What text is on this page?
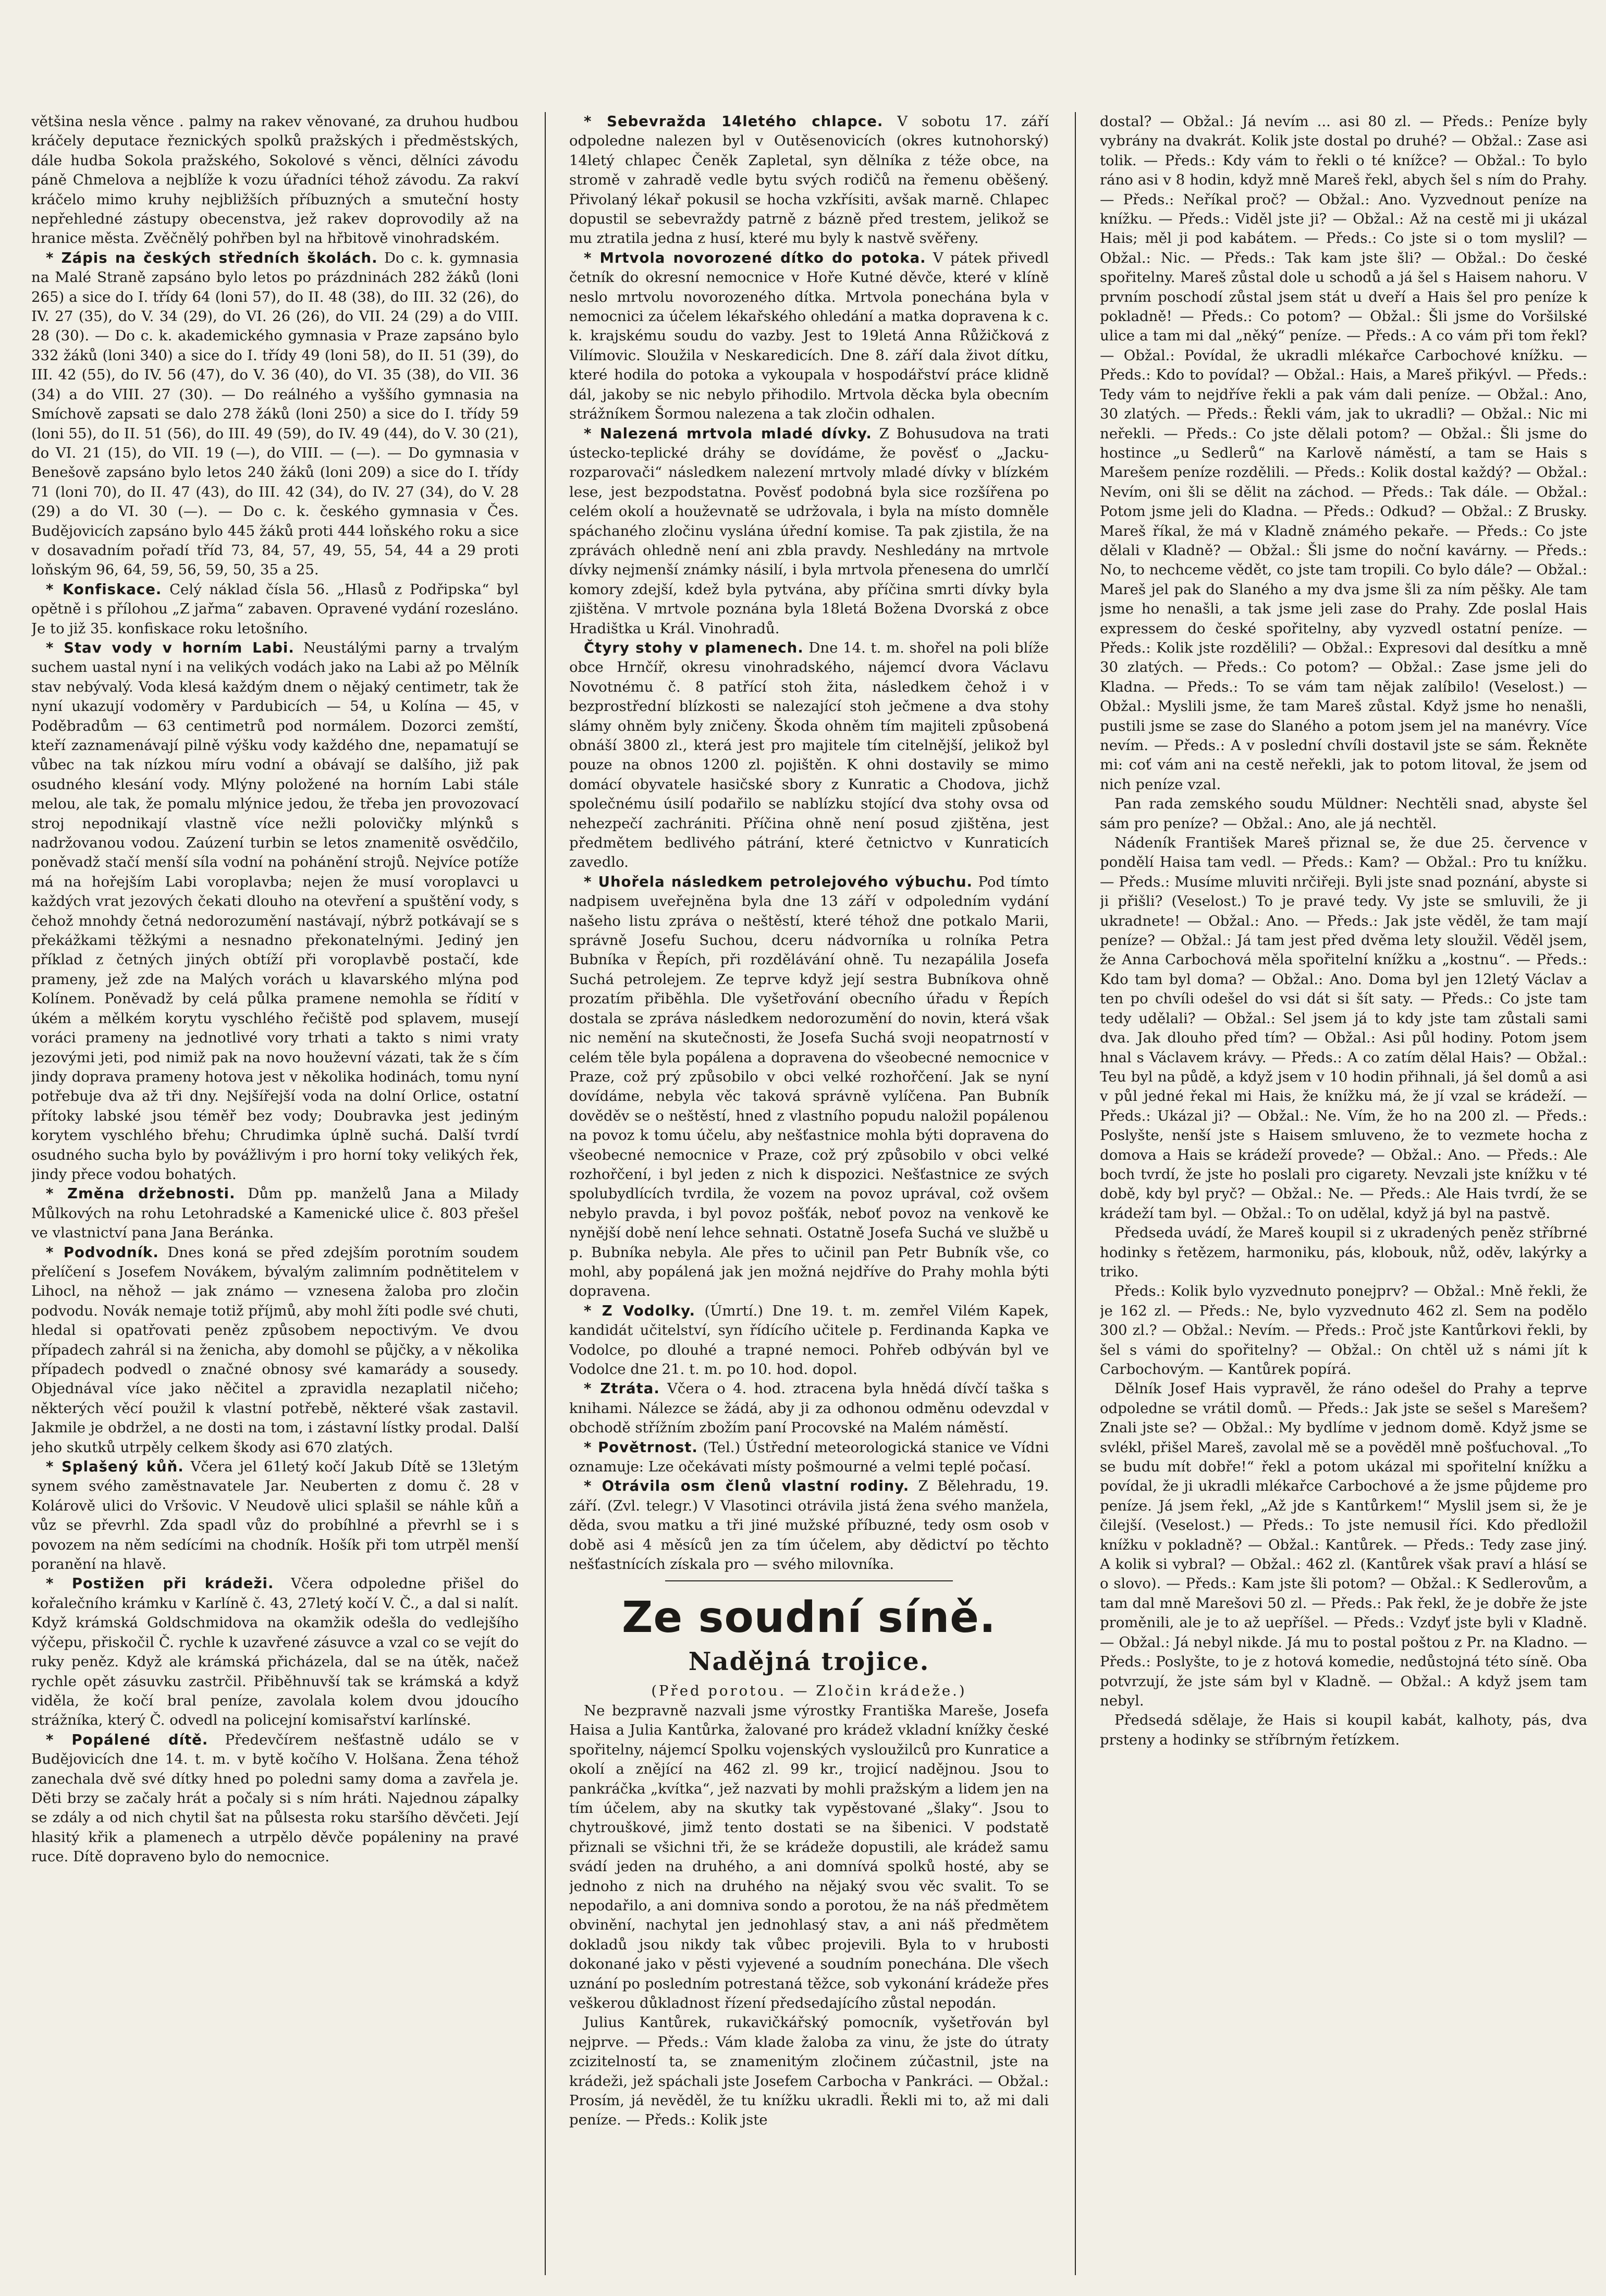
většina nesla věnce . palmy na rakev věnované, za druhou hudbou kráčely deputace řeznických spolků pražských i předměstských, dále hudba Sokola pražského, Sokolové s věnci, dělníci závodu páně Chmelova a nejblíže k vozu úřadníci téhož závodu. Za rakví kráčelo mimo kruhy nejbližších příbuzných a smuteční hosty nepřehledné zástupy obecenstva, jež rakev doprovodily až na hranice města. Zvěčnělý pohřben byl na hřbitově vinohradském.

* Zápis na českých středních školách. Do c. k. gymnasia na Malé Straně zapsáno bylo letos po prázdninách 282 žáků (loni 265) a sice do I. třídy 64 (loni 57), do II. 48 (38), do III. 32 (26), do IV. 27 (35), do V. 34 (29), do VI. 26 (26), do VII. 24 (29) a do VIII. 28 (30). — Do c. k. akademického gymnasia v Praze zapsáno bylo 332 žáků (loni 340) a sice do I. třídy 49 (loni 58), do II. 51 (39), do III. 42 (55), do IV. 56 (47), do V. 36 (40), do VI. 35 (38), do VII. 36 (34) a do VIII. 27 (30). — Do reálného a vyššího gymnasia na Smíchově zapsati se dalo 278 žáků (loni 250) a sice do I. třídy 59 (loni 55), do II. 51 (56), do III. 49 (59), do IV. 49 (44), do V. 30 (21), do VI. 21 (15), do VII. 19 (—), do VIII. — (—). — Do gymnasia v Benešově zapsáno bylo letos 240 žáků (loni 209) a sice do I. třídy 71 (loni 70), do II. 47 (43), do III. 42 (34), do IV. 27 (34), do V. 28 (29) a do VI. 30 (—). — Do c. k. českého gymnasia v Čes. Budějovicích zapsáno bylo 445 žáků proti 444 loňského roku a sice v dosavadním pořadí tříd 73, 84, 57, 49, 55, 54, 44 a 29 proti loňským 96, 64, 59, 56, 59, 50, 35 a 25.

* Konfiskace. Celý náklad čísla 56. „Hlasů z Podřipska“ byl opětně i s přílohou „Z jařma“ zabaven. Opravené vydání rozesláno. Je to již 35. konfiskace roku letošního.

* Stav vody v horním Labi. Neustálými parny a trvalým suchem uastal nyní i na velikých vodách jako na Labi až po Mělník stav nebývalý. Voda klesá každým dnem o nějaký centimetr, tak že nyní ukazují vodoměry v Pardubicích — 54, u Kolína — 45, v Poděbradům — 63 centimetrů pod normálem. Dozorci zemští, kteří zaznamenávají pilně výšku vody každého dne, nepamatují se vůbec na tak nízkou míru vodní a obávají se dalšího, již pak osudného klesání vody. Mlýny položené na horním Labi stále melou, ale tak, že pomalu mlýnice jedou, že třeba jen provozovací stroj nepodnikají vlastně více nežli polovičky mlýnků s nadržovanou vodou. Zaúzení turbin se letos znamenitě osvědčilo, poněvadž stačí menší síla vodní na pohánění strojů. Nejvíce potíže má na hořejším Labi voroplavba; nejen že musí voroplavci u každých vrat jezových čekati dlouho na otevření a spuštění vody, s čehož mnohdy četná nedorozumění nastávají, nýbrž potkávají se s překážkami těžkými a nesnadno překonatelnými. Jediný jen příklad z četných jiných obtíží při voroplavbě postačí, kde prameny, jež zde na Malých vorách u klavarského mlýna pod Kolínem. Poněvadž by celá půlka pramene nemohla se řídití v úkém a mělkém korytu vyschlého řečiště pod splavem, musejí voráci prameny na jednotlivé vory trhati a takto s nimi vraty jezovými jeti, pod nimiž pak na novo houževní vázati, tak že s čím jindy doprava prameny hotova jest v několika hodinách, tomu nyní potřebuje dva až tři dny. Nejšířejší voda na dolní Orlice, ostatní přítoky labské jsou téměř bez vody; Doubravka jest jediným korytem vyschlého břehu; Chrudimka úplně suchá. Další tvrdí osudného sucha bylo by povážlivým i pro horní toky velikých řek, jindy přece vodou bohatých.

* Změna držebnosti. Dům pp. manželů Jana a Milady Můlkových na rohu Letohradské a Kamenické ulice č. 803 přešel ve vlastnictví pana Jana Beránka.

* Podvodník. Dnes koná se před zdejším porotním soudem přelíčení s Josefem Novákem, bývalým zalimním podnětitelem v Lihocl, na něhož — jak známo — vznesena žaloba pro zločin podvodu. Novák nemaje totiž příjmů, aby mohl žíti podle své chuti, hledal si opatřovati peněz způsobem nepoctivým. Ve dvou případech zahrál si na ženicha, aby domohl se půjčky, a v několika případech podvedl o značné obnosy své kamarády a sousedy. Objednával více jako něčitel a zpravidla nezaplatil ničeho; některých věcí použil k vlastní potřebě, některé však zastavil. Jakmile je obdržel, a ne dosti na tom, i zástavní lístky prodal. Další jeho skutků utrpěly celkem škody asi 670 zlatých.

* Splašený kůň. Včera jel 61letý kočí Jakub Dítě se 13letým synem svého zaměstnavatele Jar. Neuberten z domu č. 28 v Kolárově ulici do Vršovic. V Neudově ulici splašil se náhle kůň a vůz se převrhl. Zda spadl vůz do probíhlné a převrhl se i s povozem na něm sedícími na chodník. Hošík při tom utrpěl menší poranění na hlavě.

* Postižen při krádeži. Včera odpoledne přišel do kořalečního krámku v Karlíně č. 43, 27letý kočí V. Č., a dal si nalít. Když krámská Goldschmidova na okamžik odešla do vedlejšího výčepu, přiskočil Č. rychle k uzavřené zásuvce a vzal co se vejít do ruky peněz. Když ale krámská přicházela, dal se na útěk, načež rychle opět zásuvku zastrčil. Přiběhnuvší tak se krámská a když viděla, že kočí bral peníze, zavolala kolem dvou jdoucího strážníka, který Č. odvedl na policejní komisařství karlínské.

* Popálené dítě. Předevčírem nešťastně událo se v Budějovicích dne 14. t. m. v bytě kočího V. Holšana. Žena téhož zanechala dvě své dítky hned po poledni samy doma a zavřela je. Děti brzy se začaly hrát a počaly si s ním hráti. Najednou zápalky se zdály a od nich chytil šat na půlsesta roku staršího děvčeti. Její hlasitý křik a plamenech a utrpělo děvče popáleniny na pravé ruce. Dítě dopraveno bylo do nemocnice.

* Sebevražda 14letého chlapce. V sobotu 17. září odpoledne nalezen byl v Outěsenovicích (okres kutnohorský) 14letý chlapec Čeněk Zapletal, syn dělníka z téže obce, na stromě v zahradě vedle bytu svých rodičů na řemenu oběšený. Přivolaný lékař pokusil se hocha vzkřísiti, avšak marně. Chlapec dopustil se sebevraždy patrně z bázně před trestem, jelikož se mu ztratila jedna z husí, které mu byly k nastvě svěřeny.

* Mrtvola novorozené dítko do potoka. V pátek přivedl četník do okresní nemocnice v Hoře Kutné děvče, které v klíně neslo mrtvolu novorozeného dítka. Mrtvola ponechána byla v nemocnici za účelem lékařského ohledání a matka dopravena k c. k. krajskému soudu do vazby. Jest to 19letá Anna Růžičková z Vilímovic. Sloužila v Neskaredicích. Dne 8. září dala život dítku, které hodila do potoka a vykoupala v hospodářství práce klidně dál, jakoby se nic nebylo přihodilo. Mrtvola děcka byla obecním strážníkem Šormou nalezena a tak zločin odhalen.

* Nalezená mrtvola mladé dívky. Z Bohusudova na trati ústecko-teplické dráhy se dovídáme, že pověsť o „Jacku-rozparovači“ následkem nalezení mrtvoly mladé dívky v blízkém lese, jest bezpodstatna. Pověsť podobná byla sice rozšířena po celém okolí a houževnatě se udržovala, i byla na místo domněle spáchaného zločinu vyslána úřední komise. Ta pak zjistila, že na zprávách ohledně není ani zbla pravdy. Neshledány na mrtvole dívky nejmenší známky násilí, i byla mrtvola přenesena do umrlčí komory zdejší, kdež byla pytvána, aby příčina smrti dívky byla zjištěna. V mrtvole poznána byla 18letá Božena Dvorská z obce Hradištka u Král. Vinohradů.

Čtyry stohy v plamenech. Dne 14. t. m. shořel na poli blíže obce Hrnčíř, okresu vinohradského, nájemcí dvora Václavu Novotnému č. 8 patřící stoh žita, následkem čehož i v bezprostřední blízkosti se nalezající stoh ječmene a dva stohy slámy ohněm byly zničeny. Škoda ohněm tím majiteli způsobená obnáší 3800 zl., která jest pro majitele tím citelnější, jelikož byl pouze na obnos 1200 zl. pojištěn. K ohni dostavily se mimo domácí obyvatele hasičské sbory z Kunratic a Chodova, jichž společnému úsilí podařilo se nablízku stojící dva stohy ovsa od nehezpečí zachrániti. Příčina ohně není posud zjištěna, jest předmětem bedlivého pátrání, které četnictvo v Kunraticích zavedlo.

* Uhořela následkem petrolejového výbuchu. Pod tímto nadpisem uveřejněna byla dne 13 září v odpoledním vydání našeho listu zpráva o neštěstí, které téhož dne potkalo Marii, správně Josefu Suchou, dceru nádvorníka u rolníka Petra Bubníka v Řepích, při rozdělávání ohně. Tu nezapálila Josefa Suchá petrolejem. Ze teprve když její sestra Bubníkova ohně prozatím přiběhla. Dle vyšetřování obecního úřadu v Řepích dostala se zpráva následkem nedorozumění do novin, která však nic nemění na skutečnosti, že Josefa Suchá svoji neopatrností v celém těle byla popálena a dopravena do všeobecné nemocnice v Praze, což prý způsobilo v obci velké rozhořčení. Jak se nyní dovídáme, nebyla věc taková správně vylíčena. Pan Bubník dověděv se o neštěstí, hned z vlastního popudu naložil popálenou na povoz k tomu účelu, aby nešťastnice mohla býti dopravena do všeobecné nemocnice v Praze, což prý způsobilo v obci velké rozhořčení, i byl jeden z nich k dispozici. Nešťastnice ze svých spolubydlících tvrdila, že vozem na povoz uprával, což ovšem nebylo pravda, i byl povoz pošťák, neboť povoz na venkově ke nynější době není lehce sehnati. Ostatně Josefa Suchá ve službě u p. Bubníka nebyla. Ale přes to učinil pan Petr Bubník vše, co mohl, aby popálená jak jen možná nejdříve do Prahy mohla býti dopravena.

* Z Vodolky. (Úmrtí.) Dne 19. t. m. zemřel Vilém Kapek, kandidát učitelství, syn řídícího učitele p. Ferdinanda Kapka ve Vodolce, po dlouhé a trapné nemoci. Pohřeb odbýván byl ve Vodolce dne 21. t. m. po 10. hod. dopol.

* Ztráta. Včera o 4. hod. ztracena byla hnědá dívčí taška s knihami. Nálezce se žádá, aby ji za odhonou odměnu odevzdal v obchodě střížním zbožím paní Procovské na Malém náměstí.

* Povětrnost. (Tel.) Ústřední meteorologická stanice ve Vídni oznamuje: Lze očekávati místy pošmourné a velmi teplé počasí.

* Otrávila osm členů vlastní rodiny. Z Bělehradu, 19. září. (Zvl. telegr.) V Vlasotinci otrávila jistá žena svého manžela, děda, svou matku a tři jiné mužské příbuzné, tedy osm osob v době asi 4 měsíců jen za tím účelem, aby dědictví po těchto nešťastnících získala pro — svého milovníka.

Ze soudní síně.
Nadějná trojice.

(Před porotou. — Zločin krádeže.)

Ne bezpravně nazvali jsme výrostky Františka Mareše, Josefa Haisa a Julia Kantůrka, žalované pro krádež vkladní knížky české spořitelny, nájemcí Spolku vojenských vysloužilců pro Kunratice a okolí a znějící na 462 zl. 99 kr., trojicí nadějnou. Jsou to pankráčka „kvítka“, jež nazvati by mohli pražským a lidem jen na tím účelem, aby na skutky tak vypěstované „šlaky“. Jsou to chytrouškové, jimž tento dostati se na šibenici. V podstatě přiznali se všichni tři, že se krádeže dopustili, ale krádež samu svádí jeden na druhého, a ani domnívá spolků hosté, aby se jednoho z nich na druhého na nějaký svou věc svalit. To se nepodařilo, a ani domniva sondo a porotou, že na náš předmětem obvinění, nachytal jen jednohlasý stav, a ani náš předmětem dokladů jsou nikdy tak vůbec projevili. Byla to v hrubosti dokonané jako v pěsti vyjevené a soudním ponechána. Dle všech uznání po posledním potrestaná těžce, sob vykonání krádeže přes veškerou důkladnost řízení předsedajícího zůstal nepodán.

Julius Kantůrek, rukavičkářský pomocník, vyšetřován byl nejprve. — Předs.: Vám klade žaloba za vinu, že jste do útraty zcizitelností ta, se znamenitým zločinem zúčastnil, jste na krádeži, jež spáchali jste Josefem Carbocha v Pankráci. — Obžal.: Prosím, já nevěděl, že tu knížku ukradli. Řekli mi to, až mi dali peníze. — Předs.: Kolik jste

dostal? — Obžal.: Já nevím ... asi 80 zl. — Předs.: Peníze byly vybrány na dvakrát. Kolik jste dostal po druhé? — Obžal.: Zase asi tolik. — Předs.: Kdy vám to řekli o té knížce? — Obžal.: To bylo ráno asi v 8 hodin, když mně Mareš řekl, abych šel s ním do Prahy. — Předs.: Neříkal proč? — Obžal.: Ano. Vyzvednout peníze na knížku. — Předs.: Viděl jste ji? — Obžal.: Až na cestě mi ji ukázal Hais; měl ji pod kabátem. — Předs.: Co jste si o tom myslil? — Obžal.: Nic. — Předs.: Tak kam jste šli? — Obžal.: Do české spořitelny. Mareš zůstal dole u schodů a já šel s Haisem nahoru. V prvním poschodí zůstal jsem stát u dveří a Hais šel pro peníze k pokladně! — Předs.: Co potom? — Obžal.: Šli jsme do Voršilské ulice a tam mi dal „něký“ peníze. — Předs.: A co vám při tom řekl? — Obžal.: Povídal, že ukradli mlékařce Carbochové knížku. — Předs.: Kdo to povídal? — Obžal.: Hais, a Mareš přikývl. — Předs.: Tedy vám to nejdříve řekli a pak vám dali peníze. — Obžal.: Ano, 30 zlatých. — Předs.: Řekli vám, jak to ukradli? — Obžal.: Nic mi neřekli. — Předs.: Co jste dělali potom? — Obžal.: Šli jsme do hostince „u Sedlerů“ na Karlově náměstí, a tam se Hais s Marešem peníze rozdělili. — Předs.: Kolik dostal každý? — Obžal.: Nevím, oni šli se dělit na záchod. — Předs.: Tak dále. — Obžal.: Potom jsme jeli do Kladna. — Předs.: Odkud? — Obžal.: Z Brusky. Mareš říkal, že má v Kladně známého pekaře. — Předs.: Co jste dělali v Kladně? — Obžal.: Šli jsme do noční kavárny. — Předs.: No, to nechceme vědět, co jste tam tropili. Co bylo dále? — Obžal.: Mareš jel pak do Slaného a my dva jsme šli za ním pěšky. Ale tam jsme ho nenašli, a tak jsme jeli zase do Prahy. Zde poslal Hais expressem do české spořitelny, aby vyzvedl ostatní peníze. — Předs.: Kolik jste rozdělili? — Obžal.: Expresovi dal desítku a mně 30 zlatých. — Předs.: Co potom? — Obžal.: Zase jsme jeli do Kladna. — Předs.: To se vám tam nějak zalíbilo! (Veselost.) — Obžal.: Myslili jsme, že tam Mareš zůstal. Když jsme ho nenašli, pustili jsme se zase do Slaného a potom jsem jel na manévry. Více nevím. — Předs.: A v poslední chvíli dostavil jste se sám. Řekněte mi: coť vám ani na cestě neřekli, jak to potom litoval, že jsem od nich peníze vzal.

Pan rada zemského soudu Müldner: Nechtěli snad, abyste šel sám pro peníze? — Obžal.: Ano, ale já nechtěl.

Nádeník František Mareš přiznal se, že due 25. července v pondělí Haisa tam vedl. — Předs.: Kam? — Obžal.: Pro tu knížku. — Předs.: Musíme mluviti nrčiřeji. Byli jste snad poznání, abyste si ji přišli? (Veselost.) To je pravé tedy. Vy jste se smluvili, že ji ukradnete! — Obžal.: Ano. — Předs.: Jak jste věděl, že tam mají peníze? — Obžal.: Já tam jest před dvěma lety sloužil. Věděl jsem, že Anna Carbochová měla spořitelní knížku a „kostnu“. — Předs.: Kdo tam byl doma? — Obžal.: Ano. Doma byl jen 12letý Václav a ten po chvíli odešel do vsi dát si šít saty. — Předs.: Co jste tam tedy udělali? — Obžal.: Sel jsem já to kdy jste tam zůstali sami dva. Jak dlouho před tím? — Obžal.: Asi půl hodiny. Potom jsem hnal s Václavem krávy. — Předs.: A co zatím dělal Hais? — Obžal.: Teu byl na půdě, a když jsem v 10 hodin přihnali, já šel domů a asi v půl jedné řekal mi Hais, že knížku má, že jí vzal se krádeží. — Předs.: Ukázal ji? — Obžal.: Ne. Vím, že ho na 200 zl. — Předs.: Poslyšte, nenší jste s Haisem smluveno, že to vezmete hocha z domova a Hais se krádeží provede? — Obžal.: Ano. — Předs.: Ale boch tvrdí, že jste ho poslali pro cigarety. Nevzali jste knížku v té době, kdy byl pryč? — Obžal.: Ne. — Předs.: Ale Hais tvrdí, že se krádeží tam byl. — Obžal.: To on udělal, když já byl na pastvě.

Předseda uvádí, že Mareš koupil si z ukradených peněz stříbrné hodinky s řetězem, harmoniku, pás, klobouk, nůž, oděv, lakýrky a triko.

Předs.: Kolik bylo vyzvednuto ponejprv? — Obžal.: Mně řekli, že je 162 zl. — Předs.: Ne, bylo vyzvednuto 462 zl. Sem na podělo 300 zl.? — Obžal.: Nevím. — Předs.: Proč jste Kantůrkovi řekli, by šel s vámi do spořitelny? — Obžal.: On chtěl už s námi jít k Carbochovým. — Kantůrek popírá.

Dělník Josef Hais vypravěl, že ráno odešel do Prahy a teprve odpoledne se vrátil domů. — Předs.: Jak jste se sešel s Marešem? Znali jste se? — Obžal.: My bydlíme v jednom domě. Když jsme se svlékl, přišel Mareš, zavolal mě se a pověděl mně pošťuchoval. „To se budu mít dobře!“ řekl a potom ukázal mi spořitelní knížku a povídal, že ji ukradli mlékařce Carbochové a že jsme půjdeme pro peníze. Já jsem řekl, „Až jde s Kantůrkem!“ Myslil jsem si, že je čilejší. (Veselost.) — Předs.: To jste nemusil říci. Kdo předložil knížku v pokladně? — Obžal.: Kantůrek. — Předs.: Tedy zase jiný. A kolik si vybral? — Obžal.: 462 zl. (Kantůrek však praví a hlásí se o slovo). — Předs.: Kam jste šli potom? — Obžal.: K Sedlerovům, a tam dal mně Marešovi 50 zl. — Předs.: Pak řekl, že je dobře že jste proměnili, ale je to až uepříšel. — Předs.: Vzdyť jste byli v Kladně. — Obžal.: Já nebyl nikde. Já mu to postal poštou z Pr. na Kladno. — Předs.: Poslyšte, to je z hotová komedie, nedůstojná této síně. Oba potvrzují, že jste sám byl v Kladně. — Obžal.: A když jsem tam nebyl.

Předsedá sdělaje, že Hais si koupil kabát, kalhoty, pás, dva prsteny a hodinky se stříbrným řetízkem.
